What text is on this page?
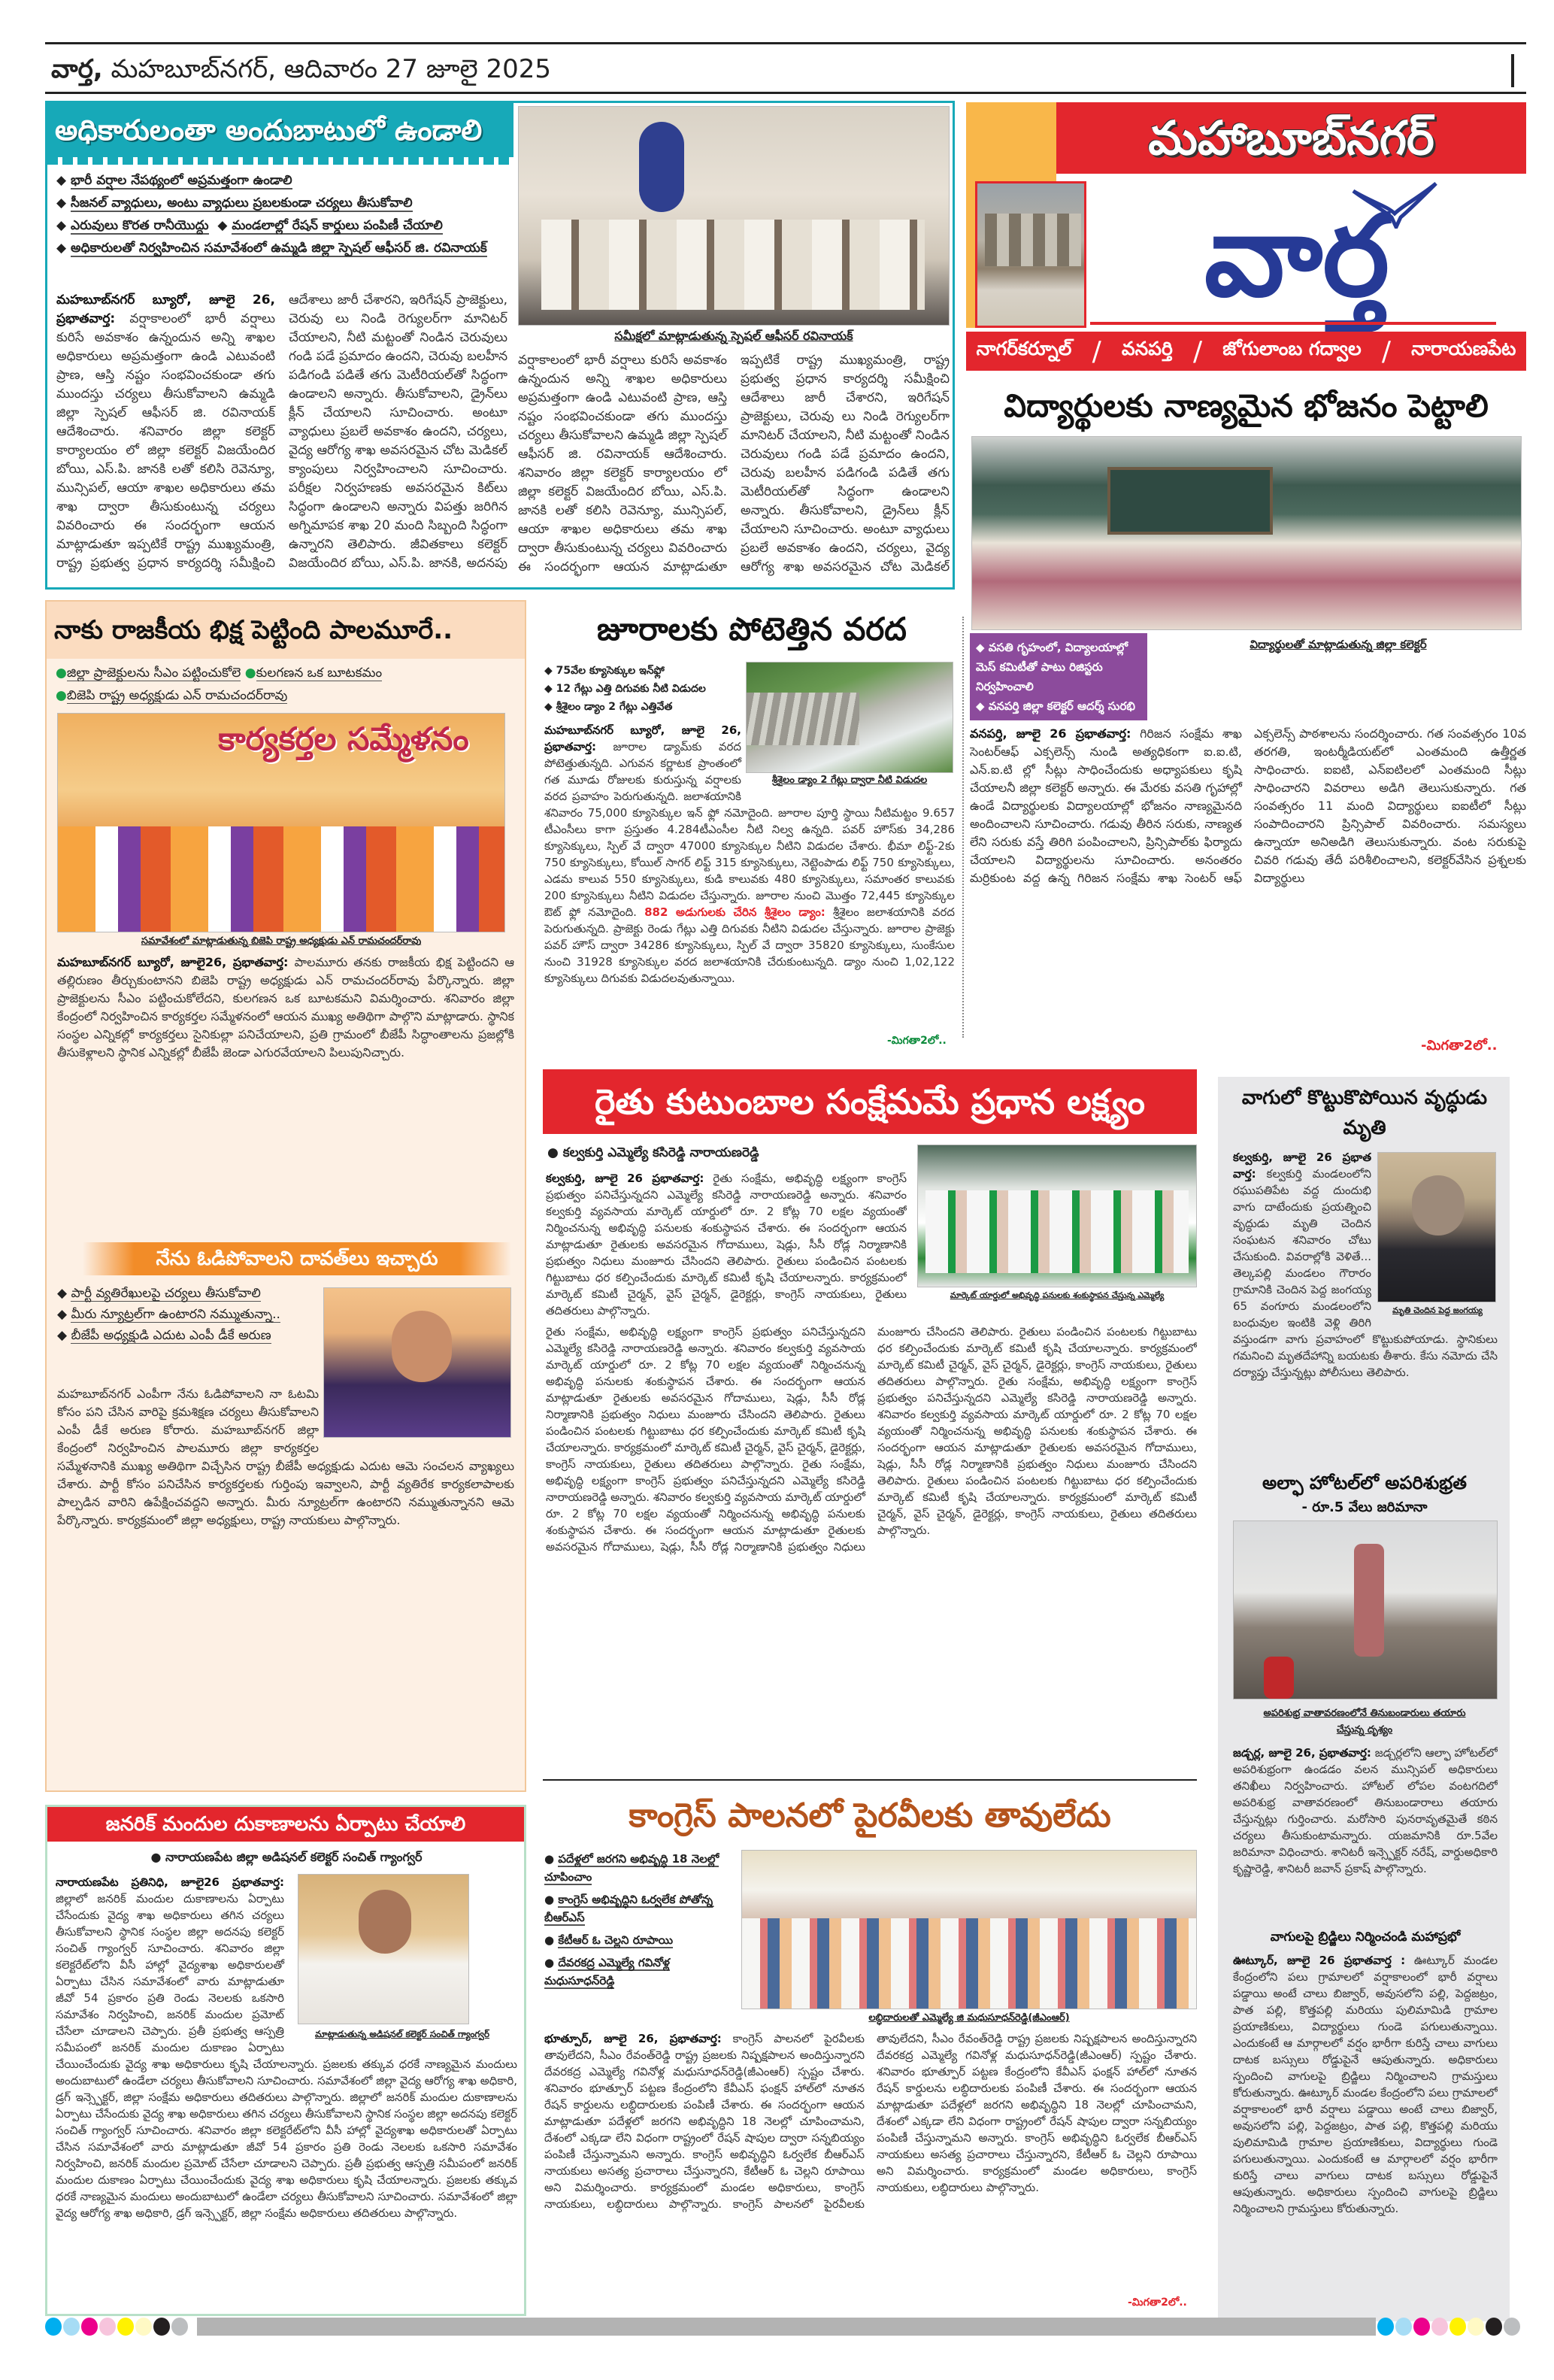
వార్త, మహబూబ్‌నగర్, ఆదివారం 27 జూలై 2025
అధికారులంతా అందుబాటులో ఉండాలి
◆ భారీ వర్షాల నేపథ్యంలో అప్రమత్తంగా ఉండాలి
◆ సీజనల్ వ్యాధులు, అంటు వ్యాధులు ప్రబలకుండా చర్యలు తీసుకోవాలి
◆ ఎరువులు కొరత రానీయొద్దు ◆ మండలాల్లో రేషన్ కార్డులు పంపిణీ చేయాలి
◆ అధికారులతో నిర్వహించిన సమావేశంలో ఉమ్మడి జిల్లా స్పెషల్ ఆఫీసర్ జి. రవినాయక్
సమీక్షలో మాట్లాడుతున్న స్పెషల్ ఆఫీసర్ రవినాయక్
మహబూబ్‌నగర్ బ్యూరో, జూలై 26, ప్రభాతవార్త: వర్షాకాలంలో భారీ వర్షాలు కురిసే అవకాశం ఉన్నందున అన్ని శాఖల అధికారులు అప్రమత్తంగా ఉండి ఎటువంటి ప్రాణ, ఆస్తి నష్టం సంభవించకుండా తగు ముందస్తు చర్యలు తీసుకోవాలని ఉమ్మడి జిల్లా స్పెషల్ ఆఫీసర్ జి. రవినాయక్ ఆదేశించారు. శనివారం జిల్లా కలెక్టర్ కార్యాలయం లో జిల్లా కలెక్టర్ విజయేందిర బోయి, ఎస్.పి. జానకి లతో కలిసి రెవెన్యూ, మున్సిపల్, ఆయా శాఖల అధికారులు తమ శాఖ ద్వారా తీసుకుంటున్న చర్యలు వివరించారు ఈ సందర్భంగా ఆయన మాట్లాడుతూ ఇప్పటికే రాష్ట్ర ముఖ్యమంత్రి, రాష్ట్ర ప్రభుత్వ ప్రధాన కార్యదర్శి సమీక్షించి ఆదేశాలు జారీ చేశారని, ఇరిగేషన్ ప్రాజెక్టులు, చెరువు లు నిండి రెగ్యులర్‌గా మానిటర్ చేయాలని, నీటి మట్టంతో నిండిన చెరువులు గండి పడే ప్రమాదం ఉందని, చెరువు బలహీన పడిగండి పడితే తగు మెటీరియల్‌తో సిద్ధంగా ఉండాలని అన్నారు. తీసుకోవాలని, డ్రైన్‌లు క్లీన్ చేయాలని సూచించారు. అంటూ వ్యాధులు ప్రబలే అవకాశం ఉందని, చర్యలు, వైద్య ఆరోగ్య శాఖ అవసరమైన చోట మెడికల్ క్యాంపులు నిర్వహించాలని సూచించారు. పరీక్షల నిర్వహణకు అవసరమైన కిట్‌లు సిద్ధంగా ఉండాలని అన్నారు విపత్తు జరిగిన అగ్నిమాపక శాఖ 20 మంది సిబ్బంది సిద్ధంగా ఉన్నారని తెలిపారు. జీవితకాలు కలెక్టర్ విజయేందిర బోయి, ఎస్.పి. జానకి, అదనపు
వర్షాకాలంలో భారీ వర్షాలు కురిసే అవకాశం ఉన్నందున అన్ని శాఖల అధికారులు అప్రమత్తంగా ఉండి ఎటువంటి ప్రాణ, ఆస్తి నష్టం సంభవించకుండా తగు ముందస్తు చర్యలు తీసుకోవాలని ఉమ్మడి జిల్లా స్పెషల్ ఆఫీసర్ జి. రవినాయక్ ఆదేశించారు. శనివారం జిల్లా కలెక్టర్ కార్యాలయం లో జిల్లా కలెక్టర్ విజయేందిర బోయి, ఎస్.పి. జానకి లతో కలిసి రెవెన్యూ, మున్సిపల్, ఆయా శాఖల అధికారులు తమ శాఖ ద్వారా తీసుకుంటున్న చర్యలు వివరించారు ఈ సందర్భంగా ఆయన మాట్లాడుతూ ఇప్పటికే రాష్ట్ర ముఖ్యమంత్రి, రాష్ట్ర ప్రభుత్వ ప్రధాన కార్యదర్శి సమీక్షించి ఆదేశాలు జారీ చేశారని, ఇరిగేషన్ ప్రాజెక్టులు, చెరువు లు నిండి రెగ్యులర్‌గా మానిటర్ చేయాలని, నీటి మట్టంతో నిండిన చెరువులు గండి పడే ప్రమాదం ఉందని, చెరువు బలహీన పడిగండి పడితే తగు మెటీరియల్‌తో సిద్ధంగా ఉండాలని అన్నారు. తీసుకోవాలని, డ్రైన్‌లు క్లీన్ చేయాలని సూచించారు. అంటూ వ్యాధులు ప్రబలే అవకాశం ఉందని, చర్యలు, వైద్య ఆరోగ్య శాఖ అవసరమైన చోట మెడికల్
మహాబూబ్‌నగర్
వార్త
నాగర్‌కర్నూల్ / వనపర్తి / జోగులాంబ గద్వాల / నారాయణపేట
విద్యార్థులకు నాణ్యమైన భోజనం పెట్టాలి
◆ వసతి గృహంలో, విద్యాలయాల్లో మెస్ కమిటీతో పాటు రిజిస్టరు నిర్వహించాలి
◆ వనపర్తి జిల్లా కలెక్టర్ ఆదర్శ్ సురభి
విద్యార్థులతో మాట్లాడుతున్న జిల్లా కలెక్టర్
వనపర్తి, జూలై 26 ప్రభాతవార్త: గిరిజన సంక్షేమ శాఖ సెంటర్‌ఆఫ్ ఎక్సలెన్స్ నుండి అత్యధికంగా ఐ.ఐ.టి, ఎన్.ఐ.టి ల్లో సీట్లు సాధించేందుకు అధ్యాపకులు కృషి చేయాలనీ జిల్లా కలెక్టర్ అన్నారు. ఈ మేరకు వసతి గృహాల్లో ఉండే విద్యార్థులకు విద్యాలయాల్లో భోజనం నాణ్యమైనది అందించాలని సూచించారు. గడువు తీరిన సరుకు, నాణ్యత లేని సరుకు వస్తే తిరిగి పంపించాలని, ప్రిన్సిపాల్‌కు ఫిర్యాదు చేయాలని విద్యార్థులను సూచించారు. అనంతరం మర్రికుంట వద్ద ఉన్న గిరిజన సంక్షేమ శాఖ సెంటర్ ఆఫ్ ఎక్సలెన్స్ పాఠశాలను సందర్శించారు. గత సంవత్సరం 10వ తరగతి, ఇంటర్మీడియట్‌లో ఎంతమంది ఉత్తీర్ణత సాధించారు. ఐఐటి, ఎన్ఐటిలలో ఎంతమంది సీట్లు సాధించారని వివరాలు అడిగి తెలుసుకున్నారు. గత సంవత్సరం 11 మంది విద్యార్థులు ఐఐటీలో సీట్లు సంపాదించారని ప్రిన్సిపాల్ వివరించారు. సమస్యలు ఉన్నాయా అనిఅడిగి తెలుసుకున్నారు. వంట సరుకుపై చివరి గడువు తేదీ పరిశీలించాలని, కలెక్టర్‌వేసిన ప్రశ్నలకు విద్యార్థులు
-మిగతా2లో..
నాకు రాజకీయ భిక్ష పెట్టింది పాలమూరే..
●జిల్లా ప్రాజెక్టులను సీఎం పట్టించుకోలె ●కులగణన ఒక బూటకమం
●బిజెపి రాష్ట్ర అధ్యక్షుడు ఎన్ రామచందర్‌రావు
కార్యకర్తల సమ్మేళనం
సమావేశంలో మాట్లాడుతున్న బిజెపి రాష్ట్ర అధ్యక్షుడు ఎన్ రామచందర్‌రావు
మహబూబ్‌నగర్ బ్యూరో, జూలై26, ప్రభాతవార్త: పాలమూరు తనకు రాజకీయ భిక్ష పెట్టిందని ఆ తల్లిరుణం తీర్చుకుంటానని బిజెపి రాష్ట్ర అధ్యక్షుడు ఎన్ రామచందర్‌రావు పేర్కొన్నారు. జిల్లా ప్రాజెక్టులను సీఎం పట్టించుకోలేదని, కులగణన ఒక బూటకమని విమర్శించారు. శనివారం జిల్లా కేంద్రంలో నిర్వహించిన కార్యకర్తల సమ్మేళనంలో ఆయన ముఖ్య అతిథిగా పాల్గొని మాట్లాడారు. స్థానిక సంస్థల ఎన్నికల్లో కార్యకర్తలు సైనికుల్లా పనిచేయాలని, ప్రతి గ్రామంలో బీజేపీ సిద్ధాంతాలను ప్రజల్లోకి తీసుకెళ్లాలని స్థానిక ఎన్నికల్లో బీజేపీ జెండా ఎగురవేయాలని పిలుపునిచ్చారు.
నేను ఓడిపోవాలని దావత్‌లు ఇచ్చారు
◆ పార్టీ వ్యతిరేఖులపై చర్యలు తీసుకోవాలి
◆ మీరు న్యూట్రల్‌గా ఉంటారని నమ్ముతున్నా..
◆ బీజేపీ అధ్యక్షుడి ఎదుట ఎంపీ డీకే అరుణ
మహబూబ్‌నగర్ ఎంపీగా నేను ఓడిపోవాలని నా ఓటమి కోసం పని చేసిన వారిపై క్రమశిక్షణ చర్యలు తీసుకోవాలని ఎంపీ డీకే అరుణ కోరారు. మహబూబ్‌నగర్ జిల్లా కేంద్రంలో నిర్వహించిన పాలమూరు జిల్లా కార్యకర్తల సమ్మేళనానికి ముఖ్య అతిథిగా విచ్చేసిన రాష్ట్ర బీజేపీ అధ్యక్షుడు ఎదుట ఆమె సంచలన వ్యాఖ్యలు చేశారు. పార్టీ కోసం పనిచేసిన కార్యకర్తలకు గుర్తింపు ఇవ్వాలని, పార్టీ వ్యతిరేక కార్యకలాపాలకు పాల్పడిన వారిని ఉపేక్షించవద్దని అన్నారు. మీరు న్యూట్రల్‌గా ఉంటారని నమ్ముతున్నానని ఆమె పేర్కొన్నారు. కార్యక్రమంలో జిల్లా అధ్యక్షులు, రాష్ట్ర నాయకులు పాల్గొన్నారు.
జూరాలకు పోటెత్తిన వరద
◆ 75వేల క్యూసెక్కుల ఇన్‌ఫ్లో
◆ 12 గేట్లు ఎత్తి దిగువకు నీటి విడుదల
◆ శ్రీశైలం డ్యాం 2 గేట్లు ఎత్తివేత
శ్రీశైలం డ్యాం 2 గేట్లు ద్వారా నీటి విడుదల
మహబూబ్‌నగర్ బ్యూరో, జూలై 26, ప్రభాతవార్త: జూరాల డ్యామ్‌కు వరద పోటెత్తుతున్నది. ఎగువన కర్ణాటక ప్రాంతంలో గత మూడు రోజులకు కురుస్తున్న వర్షాలకు వరద ప్రవాహం పెరుగుతున్నది. జలాశయానికి శనివారం 75,000 క్యూసెక్కుల ఇన్ ఫ్లో నమోదైంది. జూరాల పూర్తి స్థాయి నీటిమట్టం 9.657 టీఎంసీలు కాగా ప్రస్తుతం 4.284టీఎంసీల నీటి నిల్వ ఉన్నది. పవర్ హౌస్‌కు 34,286 క్యూసెక్కులు, స్పిల్ వే ద్వారా 47000 క్యూసెక్కుల నీటిని విడుదల చేశారు. భీమా లిఫ్ట్-2కు 750 క్యూసెక్కులు, కోయిల్ సాగర్ లిఫ్ట్ 315 క్యూసెక్కులు, నెట్టెంపాడు లిఫ్ట్ 750 క్యూసెక్కులు, ఎడమ కాలువ 550 క్యూసెక్కులు, కుడి కాలువకు 480 క్యూసెక్కులు, సమాంతర కాలువకు 200 క్యూసెక్కులు నీటిని విడుదల చేస్తున్నారు. జూరాల నుంచి మొత్తం 72,445 క్యూసెక్కుల ఔట్ ఫ్లో నమోదైంది. 882 అడుగులకు చేరిన శ్రీశైలం డ్యాం: శ్రీశైలం జలాశయానికి వరద పెరుగుతున్నది. ప్రాజెక్టు రెండు గేట్లు ఎత్తి దిగువకు నీటిని విడుదల చేస్తున్నారు. జూరాల ప్రాజెక్టు పవర్ హౌస్ ద్వారా 34286 క్యూసెక్కులు, స్పిల్ వే ద్వారా 35820 క్యూసెక్కులు, సుంకేసుల నుంచి 31928 క్యూసెక్కుల వరద జలాశయానికి చేరుకుంటున్నది. డ్యాం నుంచి 1,02,122 క్యూసెక్కులు దిగువకు విడుదలవుతున్నాయి.
-మిగతా2లో..
రైతు కుటుంబాల సంక్షేమమే ప్రధాన లక్ష్యం
● కల్వకుర్తి ఎమ్మెల్యే కసిరెడ్డి నారాయణరెడ్డి
మార్కెట్ యార్డులో అభివృద్ధి పనులకు శంకుస్థాపన చేస్తున్న ఎమ్మెల్యే
కల్వకుర్తి, జూలై 26 ప్రభాతవార్త: రైతు సంక్షేమ, అభివృద్ధి లక్ష్యంగా కాంగ్రెస్ ప్రభుత్వం పనిచేస్తున్నదని ఎమ్మెల్యే కసిరెడ్డి నారాయణరెడ్డి అన్నారు. శనివారం కల్వకుర్తి వ్యవసాయ మార్కెట్ యార్డులో రూ. 2 కోట్ల 70 లక్షల వ్యయంతో నిర్మించనున్న అభివృద్ధి పనులకు శంకుస్థాపన చేశారు. ఈ సందర్భంగా ఆయన మాట్లాడుతూ రైతులకు అవసరమైన గోదాములు, షెడ్లు, సీసీ రోడ్ల నిర్మాణానికి ప్రభుత్వం నిధులు మంజూరు చేసిందని తెలిపారు. రైతులు పండించిన పంటలకు గిట్టుబాటు ధర కల్పించేందుకు మార్కెట్ కమిటీ కృషి చేయాలన్నారు. కార్యక్రమంలో మార్కెట్ కమిటీ చైర్మన్, వైస్ చైర్మన్, డైరెక్టర్లు, కాంగ్రెస్ నాయకులు, రైతులు తదితరులు పాల్గొన్నారు.
రైతు సంక్షేమ, అభివృద్ధి లక్ష్యంగా కాంగ్రెస్ ప్రభుత్వం పనిచేస్తున్నదని ఎమ్మెల్యే కసిరెడ్డి నారాయణరెడ్డి అన్నారు. శనివారం కల్వకుర్తి వ్యవసాయ మార్కెట్ యార్డులో రూ. 2 కోట్ల 70 లక్షల వ్యయంతో నిర్మించనున్న అభివృద్ధి పనులకు శంకుస్థాపన చేశారు. ఈ సందర్భంగా ఆయన మాట్లాడుతూ రైతులకు అవసరమైన గోదాములు, షెడ్లు, సీసీ రోడ్ల నిర్మాణానికి ప్రభుత్వం నిధులు మంజూరు చేసిందని తెలిపారు. రైతులు పండించిన పంటలకు గిట్టుబాటు ధర కల్పించేందుకు మార్కెట్ కమిటీ కృషి చేయాలన్నారు. కార్యక్రమంలో మార్కెట్ కమిటీ చైర్మన్, వైస్ చైర్మన్, డైరెక్టర్లు, కాంగ్రెస్ నాయకులు, రైతులు తదితరులు పాల్గొన్నారు. రైతు సంక్షేమ, అభివృద్ధి లక్ష్యంగా కాంగ్రెస్ ప్రభుత్వం పనిచేస్తున్నదని ఎమ్మెల్యే కసిరెడ్డి నారాయణరెడ్డి అన్నారు. శనివారం కల్వకుర్తి వ్యవసాయ మార్కెట్ యార్డులో రూ. 2 కోట్ల 70 లక్షల వ్యయంతో నిర్మించనున్న అభివృద్ధి పనులకు శంకుస్థాపన చేశారు. ఈ సందర్భంగా ఆయన మాట్లాడుతూ రైతులకు అవసరమైన గోదాములు, షెడ్లు, సీసీ రోడ్ల నిర్మాణానికి ప్రభుత్వం నిధులు మంజూరు చేసిందని తెలిపారు. రైతులు పండించిన పంటలకు గిట్టుబాటు ధర కల్పించేందుకు మార్కెట్ కమిటీ కృషి చేయాలన్నారు. కార్యక్రమంలో మార్కెట్ కమిటీ చైర్మన్, వైస్ చైర్మన్, డైరెక్టర్లు, కాంగ్రెస్ నాయకులు, రైతులు తదితరులు పాల్గొన్నారు. రైతు సంక్షేమ, అభివృద్ధి లక్ష్యంగా కాంగ్రెస్ ప్రభుత్వం పనిచేస్తున్నదని ఎమ్మెల్యే కసిరెడ్డి నారాయణరెడ్డి అన్నారు. శనివారం కల్వకుర్తి వ్యవసాయ మార్కెట్ యార్డులో రూ. 2 కోట్ల 70 లక్షల వ్యయంతో నిర్మించనున్న అభివృద్ధి పనులకు శంకుస్థాపన చేశారు. ఈ సందర్భంగా ఆయన మాట్లాడుతూ రైతులకు అవసరమైన గోదాములు, షెడ్లు, సీసీ రోడ్ల నిర్మాణానికి ప్రభుత్వం నిధులు మంజూరు చేసిందని తెలిపారు. రైతులు పండించిన పంటలకు గిట్టుబాటు ధర కల్పించేందుకు మార్కెట్ కమిటీ కృషి చేయాలన్నారు. కార్యక్రమంలో మార్కెట్ కమిటీ చైర్మన్, వైస్ చైర్మన్, డైరెక్టర్లు, కాంగ్రెస్ నాయకులు, రైతులు తదితరులు పాల్గొన్నారు.
వాగులో కొట్టుకొపోయిన వృద్ధుడు మృతి
మృతి చెందిన పెద్ద జంగయ్య
కల్వకుర్తి, జూలై 26 ప్రభాత వార్త: కల్వకుర్తి మండలంలోని రఘుపతిపేట వద్ద దుందుభి వాగు దాటేందుకు ప్రయత్నించి వృద్ధుడు మృతి చెందిన సంఘటన శనివారం చోటు చేసుకుంది. వివరాల్లోకి వెళితే... తెల్కపల్లి మండలం గౌరారం గ్రామానికి చెందిన పెద్ద జంగయ్య 65 వంగూరు మండలంలోని బంధువుల ఇంటికి వెళ్లి తిరిగి వస్తుండగా వాగు ప్రవాహంలో కొట్టుకుపోయాడు. స్థానికులు గమనించి మృతదేహాన్ని బయటకు తీశారు. కేసు నమోదు చేసి దర్యాప్తు చేస్తున్నట్లు పోలీసులు తెలిపారు.
అల్ఫా హోటల్‌లో అపరిశుభ్రత
- రూ.5 వేలు జరిమానా
అపరిశుభ్ర వాతావరణంలోనే తినుబండారులు తయారు చేస్తున్న దృశ్యం
జడ్చర్ల, జూలై 26, ప్రభాతవార్త: జడ్చర్లలోని ఆల్ఫా హోటల్‌లో అపరిశుభ్రంగా ఉండడం వలన మున్సిపల్ అధికారులు తనిఖీలు నిర్వహించారు. హోటల్ లోపల వంటగదిలో అపరిశుభ్ర వాతావరణంలో తినుబండారాలు తయారు చేస్తున్నట్లు గుర్తించారు. మరోసారి పునరావృతమైతే కఠిన చర్యలు తీసుకుంటామన్నారు. యజమానికి రూ.5వేల జరిమానా విధించారు. శానిటరీ ఇన్స్పెక్టర్ నరేష్, వార్డుఅధికారి కృష్ణారెడ్డి, శానిటరీ జవాన్ ప్రకాష్ పాల్గొన్నారు.
వాగులపై బ్రిడ్జిలు నిర్మించండి మహాప్రభో
ఊట్కూర్, జూలై 26 ప్రభాతవార్త : ఊట్కూర్ మండల కేంద్రంలోని పలు గ్రామాలలో వర్షాకాలంలో భారీ వర్షాలు పడ్డాయి అంటే చాలు బిజ్వార్, అవుసలోని పల్లి, పెద్దజట్రం, పాత పల్లి, కొత్తపల్లి మరియు పులిమామిడి గ్రామాల ప్రయాణికులు, విద్యార్థులు గుండె పగులుతున్నాయి. ఎందుకంటే ఆ మార్గాలలో వర్షం భారీగా కురిస్తే చాలు వాగులు దాటక బస్సులు రోడ్డుపైనే ఆపుతున్నారు. అధికారులు స్పందించి వాగులపై బ్రిడ్జిలు నిర్మించాలని గ్రామస్తులు కోరుతున్నారు. ఊట్కూర్ మండల కేంద్రంలోని పలు గ్రామాలలో వర్షాకాలంలో భారీ వర్షాలు పడ్డాయి అంటే చాలు బిజ్వార్, అవుసలోని పల్లి, పెద్దజట్రం, పాత పల్లి, కొత్తపల్లి మరియు పులిమామిడి గ్రామాల ప్రయాణికులు, విద్యార్థులు గుండె పగులుతున్నాయి. ఎందుకంటే ఆ మార్గాలలో వర్షం భారీగా కురిస్తే చాలు వాగులు దాటక బస్సులు రోడ్డుపైనే ఆపుతున్నారు. అధికారులు స్పందించి వాగులపై బ్రిడ్జిలు నిర్మించాలని గ్రామస్తులు కోరుతున్నారు.
జనరిక్ మందుల దుకాణాలను ఏర్పాటు చేయాలి
● నారాయణపేట జిల్లా అడిషనల్ కలెక్టర్ సంచిత్ గ్యాంగ్వర్
మాట్లాడుతున్న అడిషనల్ కలెక్టర్ సంచిత్ గ్యాంగ్వర్
నారాయణపేట ప్రతినిధి, జూలై26 ప్రభాతవార్త: జిల్లాలో జనరిక్ మందుల దుకాణాలను ఏర్పాటు చేసేందుకు వైద్య శాఖ అధికారులు తగిన చర్యలు తీసుకోవాలని స్థానిక సంస్థల జిల్లా అదనపు కలెక్టర్ సంచిత్ గ్యాంగ్వర్ సూచించారు. శనివారం జిల్లా కలెక్టరేట్‌లోని వీసీ హాల్లో వైద్యశాఖ అధికారులతో ఏర్పాటు చేసిన సమావేశంలో వారు మాట్లాడుతూ జీవో 54 ప్రకారం ప్రతి రెండు నెలలకు ఒకసారి సమావేశం నిర్వహించి, జనరిక్ మందుల ప్రమోట్ చేసేలా చూడాలని చెప్పారు. ప్రతీ ప్రభుత్వ ఆస్పత్రి సమీపంలో జనరిక్ మందుల దుకాణం ఏర్పాటు చేయించేందుకు వైద్య శాఖ అధికారులు కృషి చేయాలన్నారు. ప్రజలకు తక్కువ ధరకే నాణ్యమైన మందులు అందుబాటులో ఉండేలా చర్యలు తీసుకోవాలని సూచించారు. సమావేశంలో జిల్లా వైద్య ఆరోగ్య శాఖ అధికారి, డ్రగ్ ఇన్స్పెక్టర్, జిల్లా సంక్షేమ అధికారులు తదితరులు పాల్గొన్నారు. జిల్లాలో జనరిక్ మందుల దుకాణాలను ఏర్పాటు చేసేందుకు వైద్య శాఖ అధికారులు తగిన చర్యలు తీసుకోవాలని స్థానిక సంస్థల జిల్లా అదనపు కలెక్టర్ సంచిత్ గ్యాంగ్వర్ సూచించారు. శనివారం జిల్లా కలెక్టరేట్‌లోని వీసీ హాల్లో వైద్యశాఖ అధికారులతో ఏర్పాటు చేసిన సమావేశంలో వారు మాట్లాడుతూ జీవో 54 ప్రకారం ప్రతి రెండు నెలలకు ఒకసారి సమావేశం నిర్వహించి, జనరిక్ మందుల ప్రమోట్ చేసేలా చూడాలని చెప్పారు. ప్రతీ ప్రభుత్వ ఆస్పత్రి సమీపంలో జనరిక్ మందుల దుకాణం ఏర్పాటు చేయించేందుకు వైద్య శాఖ అధికారులు కృషి చేయాలన్నారు. ప్రజలకు తక్కువ ధరకే నాణ్యమైన మందులు అందుబాటులో ఉండేలా చర్యలు తీసుకోవాలని సూచించారు. సమావేశంలో జిల్లా వైద్య ఆరోగ్య శాఖ అధికారి, డ్రగ్ ఇన్స్పెక్టర్, జిల్లా సంక్షేమ అధికారులు తదితరులు పాల్గొన్నారు.
కాంగ్రెస్ పాలనలో పైరవీలకు తావులేదు
● పదేళ్లలో జరగని అభివృద్ధి 18 నెలల్లో చూపించాం
● కాంగ్రెస్ అభివృద్ధిని ఓర్వలేక పోతోన్న బీఆర్ఎస్
● కేటీఆర్ ఓ చెల్లని రూపాయి
● దేవరకద్ర ఎమ్మెల్యే గవినోళ్ల మధుసూధన్‌రెడ్డి
లబ్ధిదారులతో ఎమ్మెల్యే జి మధుసూధన్‌రెడ్డి(జీఎంఆర్)
భూత్పూర్, జూలై 26, ప్రభాతవార్త: కాంగ్రెస్ పాలనలో పైరవీలకు తావులేదని, సీఎం రేవంత్‌రెడ్డి రాష్ట్ర ప్రజలకు నిష్పక్షపాలన అందిస్తున్నారని దేవరకద్ర ఎమ్మెల్యే గవినోళ్ల మధుసూధన్‌రెడ్డి(జీఎంఆర్) స్పష్టం చేశారు. శనివారం భూత్పూర్ పట్టణ కేంద్రంలోని కేవీఎస్ ఫంక్షన్ హాల్‌లో నూతన రేషన్ కార్డులను లబ్ధిదారులకు పంపిణీ చేశారు. ఈ సందర్భంగా ఆయన మాట్లాడుతూ పదేళ్లలో జరగని అభివృద్ధిని 18 నెలల్లో చూపించామని, దేశంలో ఎక్కడా లేని విధంగా రాష్ట్రంలో రేషన్ షాపుల ద్వారా సన్నబియ్యం పంపిణీ చేస్తున్నామని అన్నారు. కాంగ్రెస్ అభివృద్ధిని ఓర్వలేక బీఆర్ఎస్ నాయకులు అసత్య ప్రచారాలు చేస్తున్నారని, కేటీఆర్ ఓ చెల్లని రూపాయి అని విమర్శించారు. కార్యక్రమంలో మండల అధికారులు, కాంగ్రెస్ నాయకులు, లబ్ధిదారులు పాల్గొన్నారు. కాంగ్రెస్ పాలనలో పైరవీలకు తావులేదని, సీఎం రేవంత్‌రెడ్డి రాష్ట్ర ప్రజలకు నిష్పక్షపాలన అందిస్తున్నారని దేవరకద్ర ఎమ్మెల్యే గవినోళ్ల మధుసూధన్‌రెడ్డి(జీఎంఆర్) స్పష్టం చేశారు. శనివారం భూత్పూర్ పట్టణ కేంద్రంలోని కేవీఎస్ ఫంక్షన్ హాల్‌లో నూతన రేషన్ కార్డులను లబ్ధిదారులకు పంపిణీ చేశారు. ఈ సందర్భంగా ఆయన మాట్లాడుతూ పదేళ్లలో జరగని అభివృద్ధిని 18 నెలల్లో చూపించామని, దేశంలో ఎక్కడా లేని విధంగా రాష్ట్రంలో రేషన్ షాపుల ద్వారా సన్నబియ్యం పంపిణీ చేస్తున్నామని అన్నారు. కాంగ్రెస్ అభివృద్ధిని ఓర్వలేక బీఆర్ఎస్ నాయకులు అసత్య ప్రచారాలు చేస్తున్నారని, కేటీఆర్ ఓ చెల్లని రూపాయి అని విమర్శించారు. కార్యక్రమంలో మండల అధికారులు, కాంగ్రెస్ నాయకులు, లబ్ధిదారులు పాల్గొన్నారు.
-మిగతా2లో..
